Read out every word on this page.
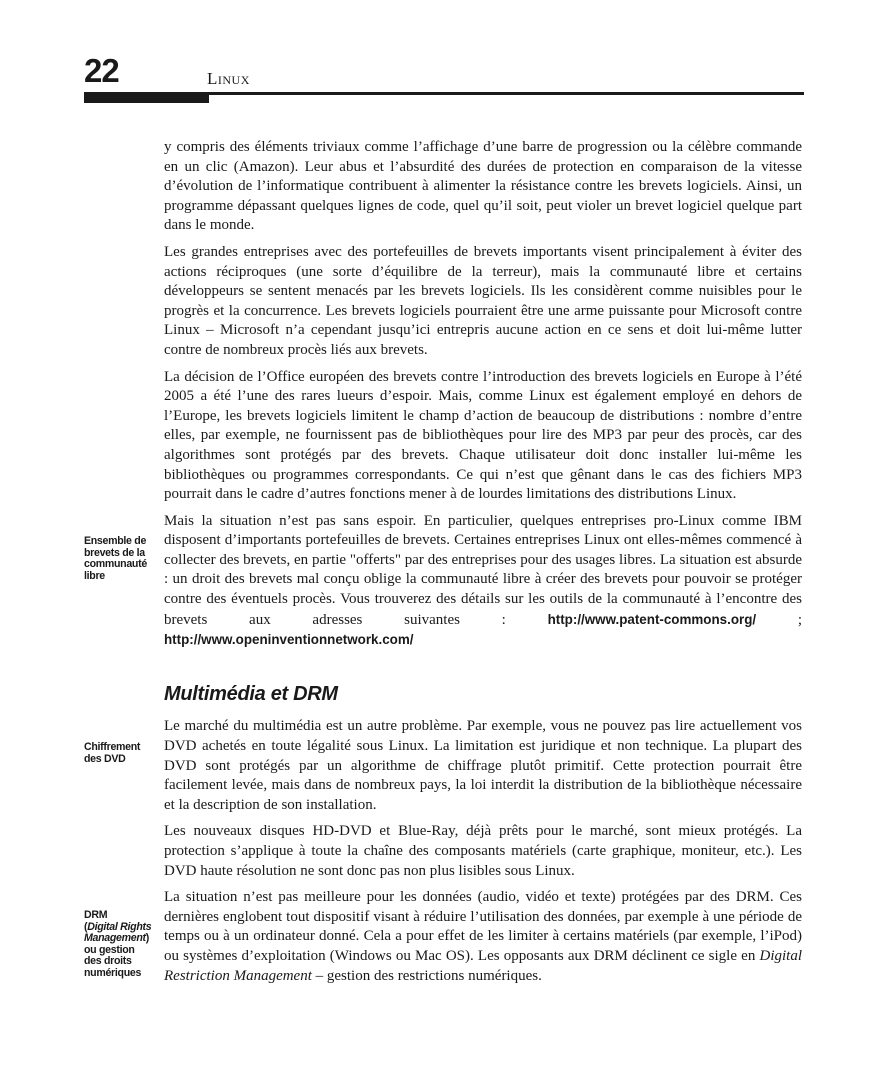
22	Linux
Ensemble de brevets de la communauté libre
Chiffrement des DVD
DRM
(Digital Rights Management) ou gestion des droits numériques

y compris des éléments triviaux comme l’affichage d’une barre de progression ou la célèbre commande en un clic (Amazon). Leur abus et l’absurdité des durées de protection en comparaison de la vitesse d’évolution de l’informatique contribuent à alimenter la résistance contre les brevets logiciels. Ainsi, un programme dépassant quelques lignes de code, quel qu’il soit, peut violer un brevet logiciel quelque part dans le monde.

Les grandes entreprises avec des portefeuilles de brevets importants visent principalement à éviter des actions réciproques (une sorte d’équilibre de la terreur), mais la communauté libre et certains développeurs se sentent menacés par les brevets logiciels. Ils les considèrent comme nuisibles pour le progrès et la concurrence. Les brevets logiciels pourraient être une arme puissante pour Microsoft contre Linux – Microsoft n’a cependant jusqu’ici entrepris aucune action en ce sens et doit lui-même lutter contre de nombreux procès liés aux brevets.

La décision de l’Office européen des brevets contre l’introduction des brevets logiciels en Europe à l’été 2005 a été l’une des rares lueurs d’espoir. Mais, comme Linux est également employé en dehors de l’Europe, les brevets logiciels limitent le champ d’action de beaucoup de distributions : nombre d’entre elles, par exemple, ne fournissent pas de bibliothèques pour lire des MP3 par peur des procès, car des algorithmes sont protégés par des brevets. Chaque utilisateur doit donc installer lui-même les bibliothèques ou programmes correspondants. Ce qui n’est que gênant dans le cas des fichiers MP3 pourrait dans le cadre d’autres fonctions mener à de lourdes limitations des distributions Linux.

Mais la situation n’est pas sans espoir. En particulier, quelques entreprises pro-Linux comme IBM disposent d’importants portefeuilles de brevets. Certaines entreprises Linux ont elles-mêmes commencé à collecter des brevets, en partie "offerts" par des entreprises pour des usages libres. La situation est absurde : un droit des brevets mal conçu oblige la communauté libre à créer des brevets pour pouvoir se protéger contre des éventuels procès. Vous trouverez des détails sur les outils de la communauté à l’encontre des brevets aux adresses suivantes :	http://www.patent-commons.org/ ; http://www.openinventionnetwork.com/

Multimédia et DRM

Le marché du multimédia est un autre problème. Par exemple, vous ne pouvez pas lire actuellement vos DVD achetés en toute légalité sous Linux. La limitation est juridique et non technique. La plupart des DVD sont protégés par un algorithme de chiffrage plutôt primitif. Cette protection pourrait être facilement levée, mais dans de nombreux pays, la loi interdit la distribution de la bibliothèque nécessaire et la description de son installation.

Les nouveaux disques HD-DVD et Blue-Ray, déjà prêts pour le marché, sont mieux protégés. La protection s’applique à toute la chaîne des composants matériels (carte graphique, moniteur, etc.). Les DVD haute résolution ne sont donc pas non plus lisibles sous Linux.

La situation n’est pas meilleure pour les données (audio, vidéo et texte) protégées par des DRM. Ces dernières englobent tout dispositif visant à réduire l’utilisation des données, par exemple à une période de temps ou à un ordinateur donné. Cela a pour effet de les limiter à certains matériels (par exemple, l’iPod) ou systèmes d’exploitation (Windows ou Mac OS). Les opposants aux DRM déclinent ce sigle en Digital Restriction Management – gestion des restrictions numériques.
